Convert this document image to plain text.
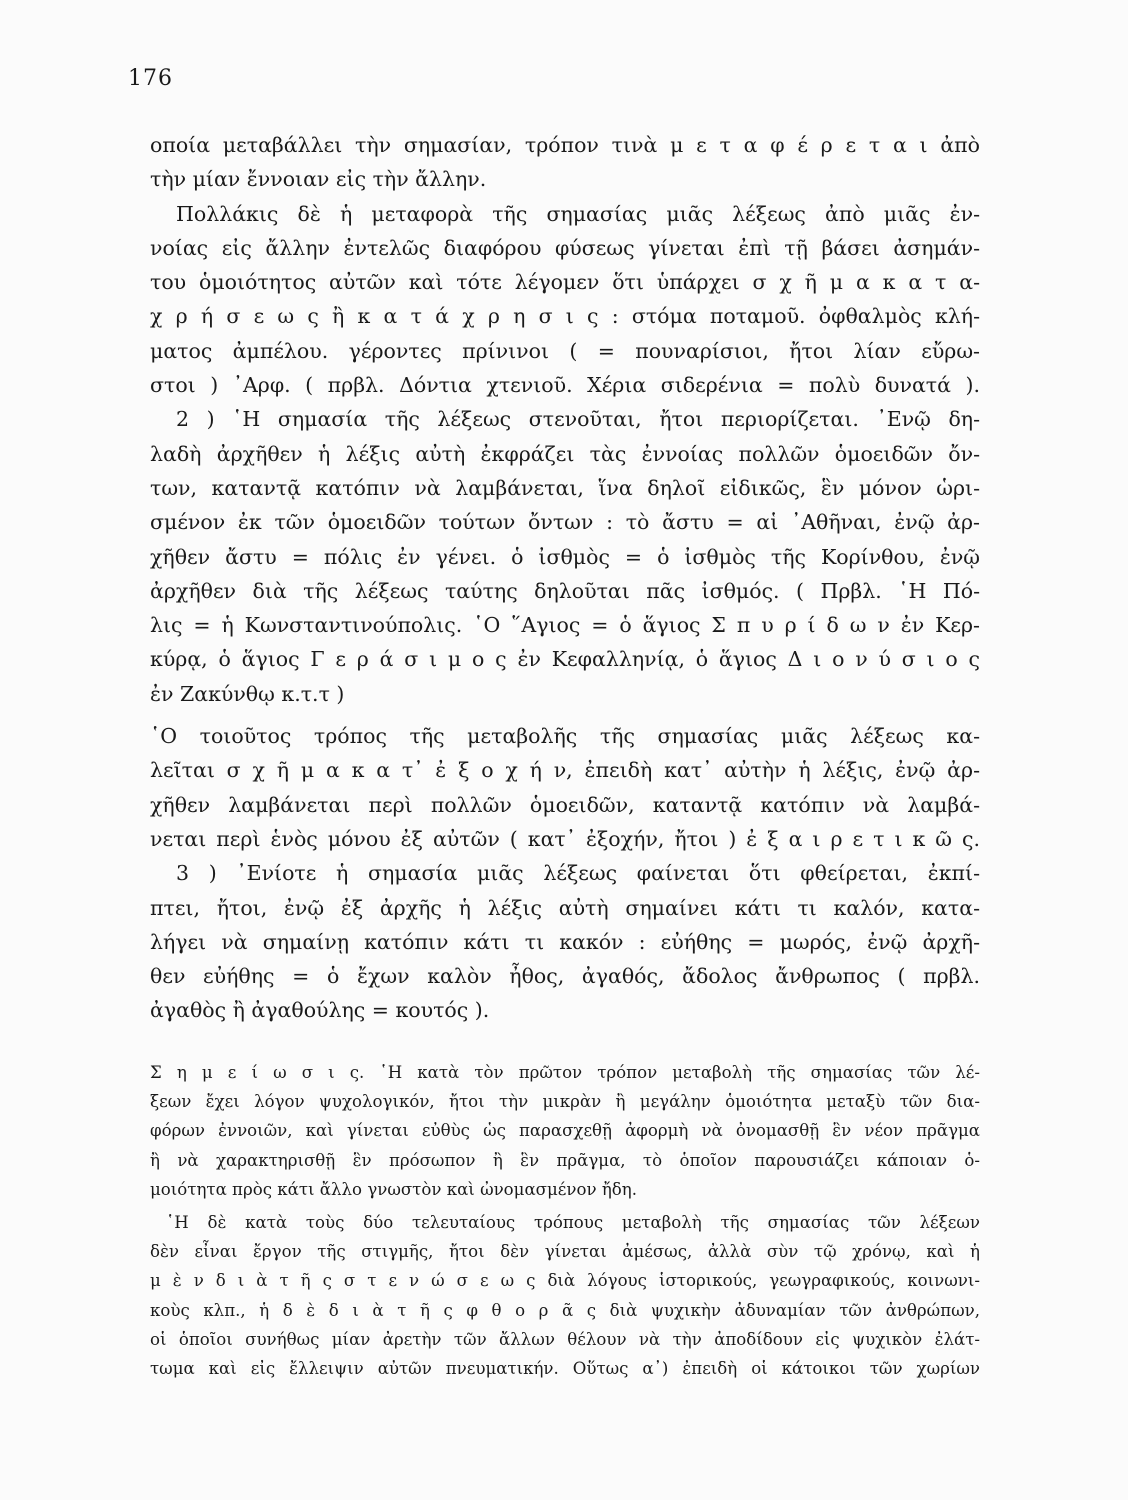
176
οποία μεταβάλλει τὴν σημασίαν, τρόπον τινὰ μ ε τ α φ έ ρ ε τ α ι ἀπὸ
τὴν μίαν ἔννοιαν εἰς τὴν ἄλλην.
Πολλάκις δὲ ἡ μεταφορὰ τῆς σημασίας μιᾶς λέξεως ἀπὸ μιᾶς ἐν-
νοίας εἰς ἄλλην ἐντελῶς διαφόρου φύσεως γίνεται ἐπὶ τῇ βάσει ἀσημάν-
του ὁμοιότητος αὐτῶν καὶ τότε λέγομεν ὅτι ὑπάρχει σ χ ῆ μ α κ α τ α-
χ ρ ή σ ε ω ς ἢ κ α τ ά χ ρ η σ ι ς : στόμα ποταμοῦ. ὀφθαλμὸς κλή-
ματος ἀμπέλου. γέροντες πρίνινοι ( = πουναρίσιοι, ἤτοι λίαν εὔρω-
στοι ) ᾿Αρφ. ( πρβλ. Δόντια χτενιοῦ. Χέρια σιδερένια = πολὺ δυνατά ).
2 ) ῾Η σημασία τῆς λέξεως στενοῦται, ἤτοι περιορίζεται. ᾿Ενῷ δη-
λαδὴ ἀρχῆθεν ἡ λέξις αὐτὴ ἐκφράζει τὰς ἐννοίας πολλῶν ὁμοειδῶν ὄν-
των, καταντᾷ κατόπιν νὰ λαμβάνεται, ἵνα δηλοῖ εἰδικῶς, ἓν μόνον ὡρι-
σμένον ἐκ τῶν ὁμοειδῶν τούτων ὄντων : τὸ ἄστυ = αἱ ᾿Αθῆναι, ἐνῷ ἀρ-
χῆθεν ἄστυ = πόλις ἐν γένει. ὁ ἰσθμὸς = ὁ ἰσθμὸς τῆς Κορίνθου, ἐνῷ
ἀρχῆθεν διὰ τῆς λέξεως ταύτης δηλοῦται πᾶς ἰσθμός. ( Πρβλ. ῾Η Πό-
λις = ἡ Κωνσταντινούπολις. ῾Ο ῞Αγιος = ὁ ἅγιος Σ π υ ρ ί δ ω ν ἐν Κερ-
κύρᾳ, ὁ ἅγιος Γ ε ρ ά σ ι μ ο ς ἐν Κεφαλληνίᾳ, ὁ ἅγιος Δ ι ο ν ύ σ ι ο ς
ἐν Ζακύνθῳ κ.τ.τ )
῾Ο τοιοῦτος τρόπος τῆς μεταβολῆς τῆς σημασίας μιᾶς λέξεως κα-
λεῖται σ χ ῆ μ α κ α τ᾿ ἐ ξ ο χ ή ν, ἐπειδὴ κατ᾿ αὐτὴν ἡ λέξις, ἐνῷ ἀρ-
χῆθεν λαμβάνεται περὶ πολλῶν ὁμοειδῶν, καταντᾷ κατόπιν νὰ λαμβά-
νεται περὶ ἑνὸς μόνου ἐξ αὐτῶν ( κατ᾿ ἐξοχήν, ἤτοι ) ἐ ξ α ι ρ ε τ ι κ ῶ ς.
3 ) ᾿Ενίοτε ἡ σημασία μιᾶς λέξεως φαίνεται ὅτι φθείρεται, ἐκπί-
πτει, ἤτοι, ἐνῷ ἐξ ἀρχῆς ἡ λέξις αὐτὴ σημαίνει κάτι τι καλόν, κατα-
λήγει νὰ σημαίνῃ κατόπιν κάτι τι κακόν : εὐήθης = μωρός, ἐνῷ ἀρχῆ-
θεν εὐήθης = ὁ ἔχων καλὸν ἦθος, ἀγαθός, ἄδολος ἄνθρωπος ( πρβλ.
ἀγαθὸς ἢ ἀγαθούλης = κουτός ).
Σ η μ ε ί ω σ ι ς. ῾Η κατὰ τὸν πρῶτον τρόπον μεταβολὴ τῆς σημασίας τῶν λέ-
ξεων ἔχει λόγον ψυχολογικόν, ἤτοι τὴν μικρὰν ἢ μεγάλην ὁμοιότητα μεταξὺ τῶν δια-
φόρων ἐννοιῶν, καὶ γίνεται εὐθὺς ὡς παρασχεθῇ ἀφορμὴ νὰ ὀνομασθῇ ἓν νέον πρᾶγμα
ἢ νὰ χαρακτηρισθῇ ἓν πρόσωπον ἢ ἓν πρᾶγμα, τὸ ὁποῖον παρουσιάζει κάποιαν ὁ-
μοιότητα πρὸς κάτι ἄλλο γνωστὸν καὶ ὠνομασμένον ἤδη.
῾Η δὲ κατὰ τοὺς δύο τελευταίους τρόπους μεταβολὴ τῆς σημασίας τῶν λέξεων
δὲν εἶναι ἔργον τῆς στιγμῆς, ἤτοι δὲν γίνεται ἀμέσως, ἀλλὰ σὺν τῷ χρόνῳ, καὶ ἡ
μ ὲ ν δ ι ὰ τ ῆ ς σ τ ε ν ώ σ ε ω ς διὰ λόγους ἱστορικούς, γεωγραφικούς, κοινωνι-
κοὺς κλπ., ἡ δ ὲ δ ι ὰ τ ῆ ς φ θ ο ρ ᾶ ς διὰ ψυχικὴν ἀδυναμίαν τῶν ἀνθρώπων,
οἱ ὁποῖοι συνήθως μίαν ἀρετὴν τῶν ἄλλων θέλουν νὰ τὴν ἀποδίδουν εἰς ψυχικὸν ἐλάτ-
τωμα καὶ εἰς ἔλλειψιν αὐτῶν πνευματικήν. Οὕτως α᾿) ἐπειδὴ οἱ κάτοικοι τῶν χωρίων
